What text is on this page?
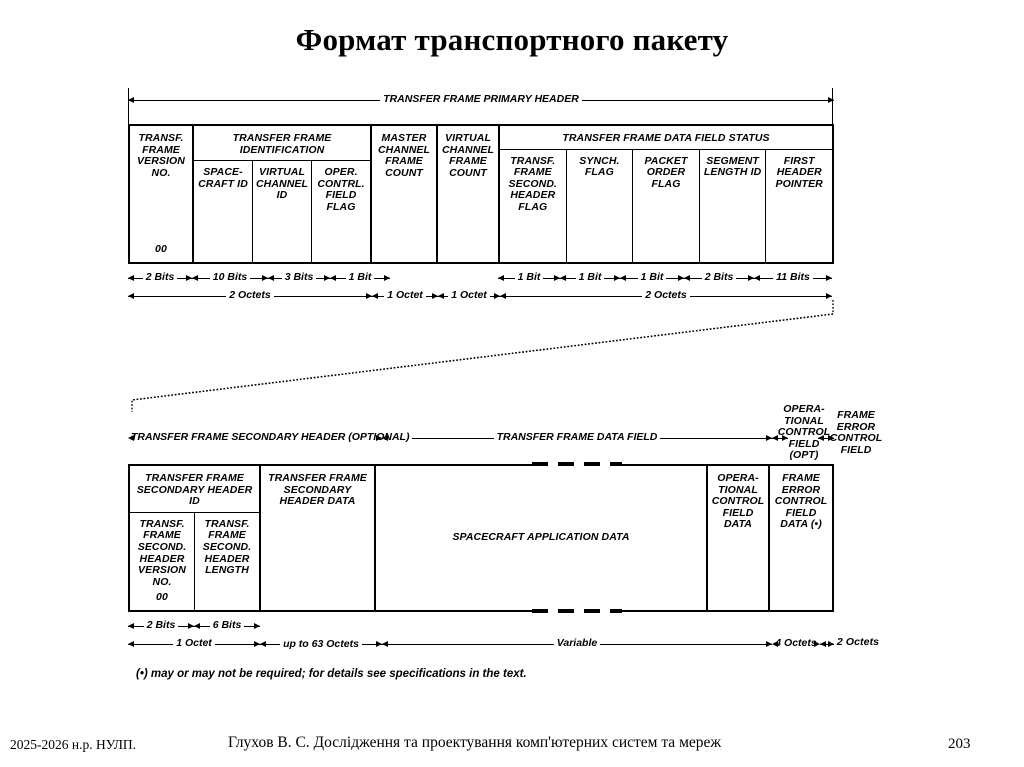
Формат транспортного пакету
TRANSFER FRAME PRIMARY HEADER
TRANSF. FRAME VERSION NO.
00
TRANSFER FRAME IDENTIFICATION
SPACE- CRAFT ID
VIRTUAL CHANNEL ID
OPER. CONTRL. FIELD FLAG
MASTER CHANNEL FRAME COUNT
VIRTUAL CHANNEL FRAME COUNT
TRANSFER FRAME DATA FIELD STATUS
TRANSF. FRAME SECOND. HEADER FLAG
SYNCH. FLAG
PACKET ORDER FLAG
SEGMENT LENGTH ID
FIRST HEADER POINTER
2 Bits	10 Bits	3 Bits	1 Bit	1 Bit	1 Bit	1 Bit	2 Bits	11 Bits
2 Octets	1 Octet	1 Octet	2 Octets
TRANSFER FRAME SECONDARY HEADER (OPTIONAL)	TRANSFER FRAME DATA FIELD
OPERA- TIONAL CONTROL FIELD (OPT)
FRAME ERROR CONTROL FIELD
TRANSFER FRAME SECONDARY HEADER ID
TRANSF. FRAME SECOND. HEADER VERSION NO.
00
TRANSF. FRAME SECOND. HEADER LENGTH
TRANSFER FRAME SECONDARY HEADER DATA
SPACECRAFT APPLICATION DATA
OPERA- TIONAL CONTROL FIELD DATA
FRAME ERROR CONTROL FIELD DATA (•)
2 Bits	6 Bits
1 Octet	up to 63 Octets	Variable	4 Octets	2 Octets
(•) may or may not be required; for details see specifications in the text.
2025-2026 н.р. НУЛП.	Глухов В. С. Дослідження та проектування комп'ютерних систем та мереж	203
